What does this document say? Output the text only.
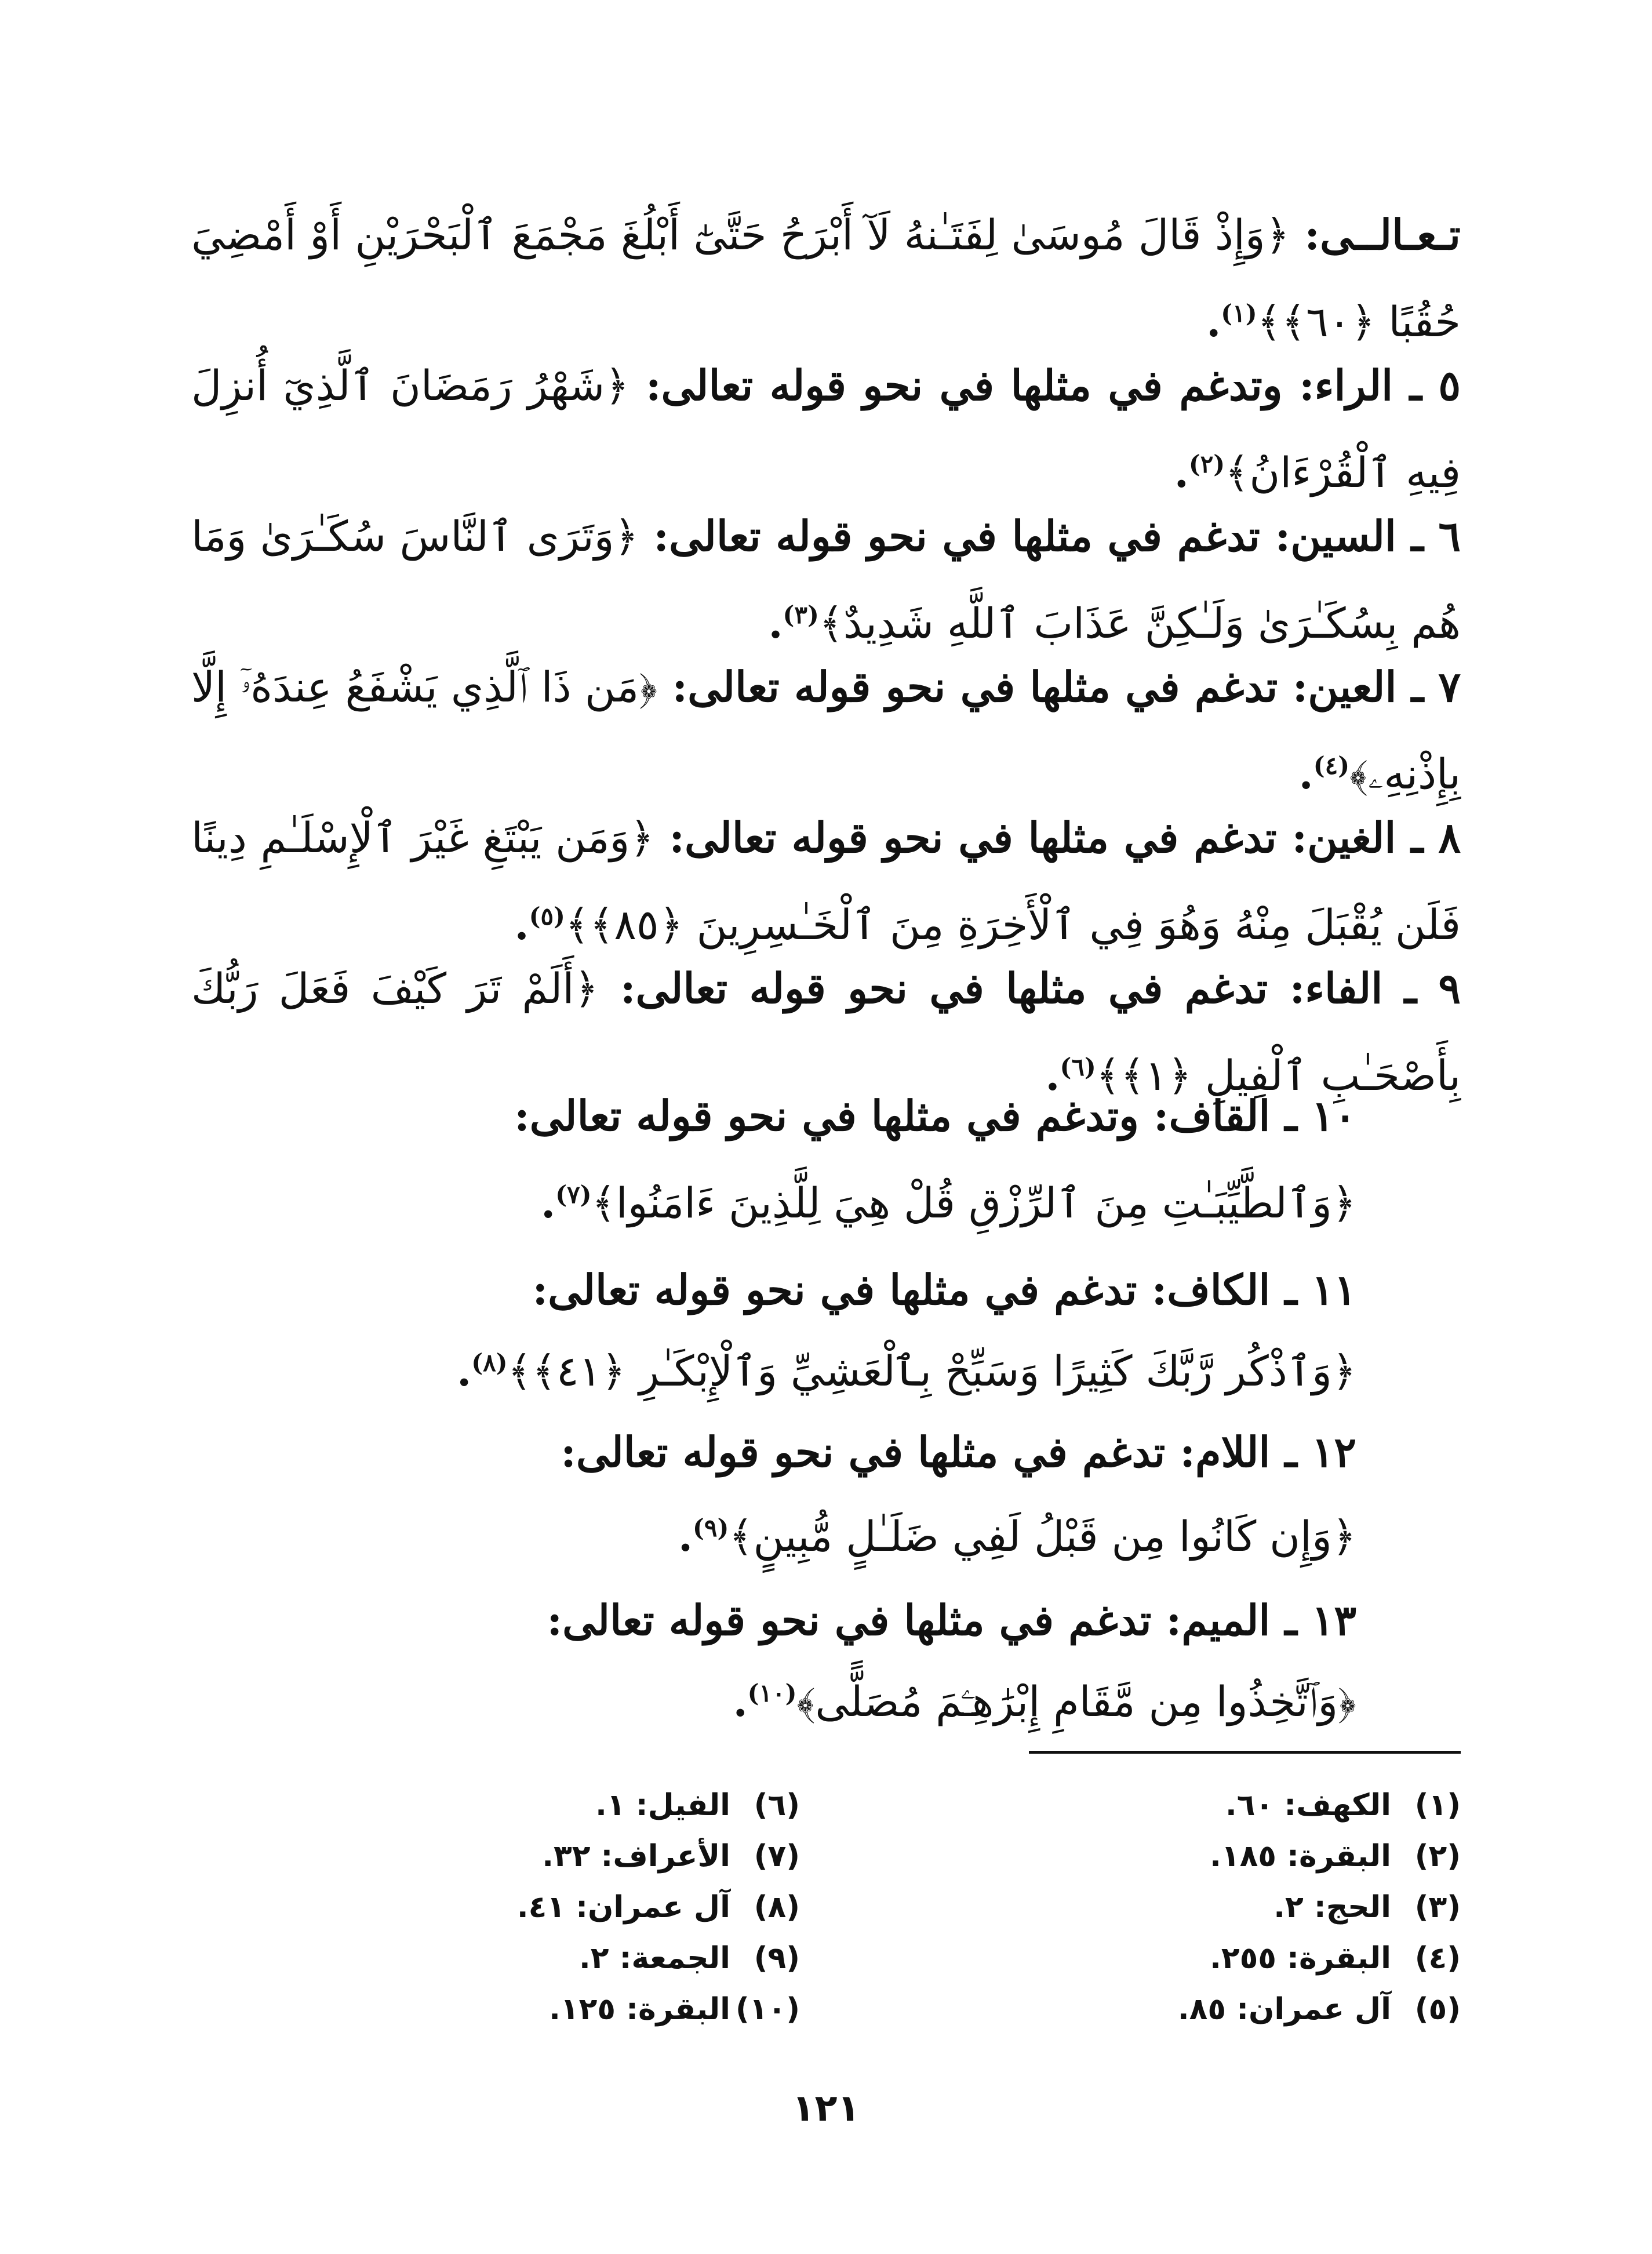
تـعـالــى: ﴿وَإِذْ قَالَ مُوسَىٰ لِفَتَـٰنهُ لَآ أَبْرَحُ حَتَّىٰٓ أَبْلُغَ مَجْمَعَ ٱلْبَحْرَيْنِ أَوْ أَمْضِيَ حُقُبًا ﴿٦٠﴾﴾$^{(١)}$.

٥ ـ الراء: وتدغم في مثلها في نحو قوله تعالى: ﴿شَهْرُ رَمَضَانَ ٱلَّذِيٓ أُنزِلَ فِيهِ ٱلْقُرْءَانُ﴾$^{(٢)}$.

٦ ـ السين: تدغم في مثلها في نحو قوله تعالى: ﴿وَتَرَى ٱلنَّاسَ سُكَـٰرَىٰ وَمَا هُم بِسُكَـٰرَىٰ وَلَـٰكِنَّ عَذَابَ ٱللَّهِ شَدِيدٌ﴾$^{(٣)}$.

٧ ـ العين: تدغم في مثلها في نحو قوله تعالى: ﴿مَن ذَا ٱلَّذِي يَشْفَعُ عِندَهُۥٓ إِلَّا بِإِذْنِهِۦ﴾$^{(٤)}$.

٨ ـ الغين: تدغم في مثلها في نحو قوله تعالى: ﴿وَمَن يَبْتَغِ غَيْرَ ٱلْإِسْلَـٰمِ دِينًا فَلَن يُقْبَلَ مِنْهُ وَهُوَ فِي ٱلْأَخِرَةِ مِنَ ٱلْخَـٰسِرِينَ ﴿٨٥﴾﴾$^{(٥)}$.

٩ ـ الفاء: تدغم في مثلها في نحو قوله تعالى: ﴿أَلَمْ تَرَ كَيْفَ فَعَلَ رَبُّكَ بِأَصْحَـٰبِ ٱلْفِيلِ ﴿١﴾﴾$^{(٦)}$.

١٠ ـ القاف: وتدغم في مثلها في نحو قوله تعالى:
﴿وَٱلطَّيِّبَـٰتِ مِنَ ٱلرِّزْقِ قُلْ هِيَ لِلَّذِينَ ءَامَنُوا﴾$^{(٧)}$.
١١ ـ الكاف: تدغم في مثلها في نحو قوله تعالى:
﴿وَٱذْكُر رَّبَّكَ كَثِيرًا وَسَبِّحْ بِٱلْعَشِيِّ وَٱلْإِبْكَـٰرِ ﴿٤١﴾﴾$^{(٨)}$.
١٢ ـ اللام: تدغم في مثلها في نحو قوله تعالى:
﴿وَإِن كَانُوا مِن قَبْلُ لَفِي ضَلَـٰلٍ مُّبِينٍ﴾$^{(٩)}$.
١٣ ـ الميم: تدغم في مثلها في نحو قوله تعالى:
﴿وَٱتَّخِذُوا مِن مَّقَامِ إِبْرَٰهِـۧمَ مُصَلًّى﴾$^{(١٠)}$.
(١)الكهف: ٦٠.
(٢)البقرة: ١٨٥.
(٣)الحج: ٢.
(٤)البقرة: ٢٥٥.
(٥)آل عمران: ٨٥.
(٦)الفيل: ١.
(٧)الأعراف: ٣٢.
(٨)آل عمران: ٤١.
(٩)الجمعة: ٢.
(١٠)البقرة: ١٢٥.
١٢١
